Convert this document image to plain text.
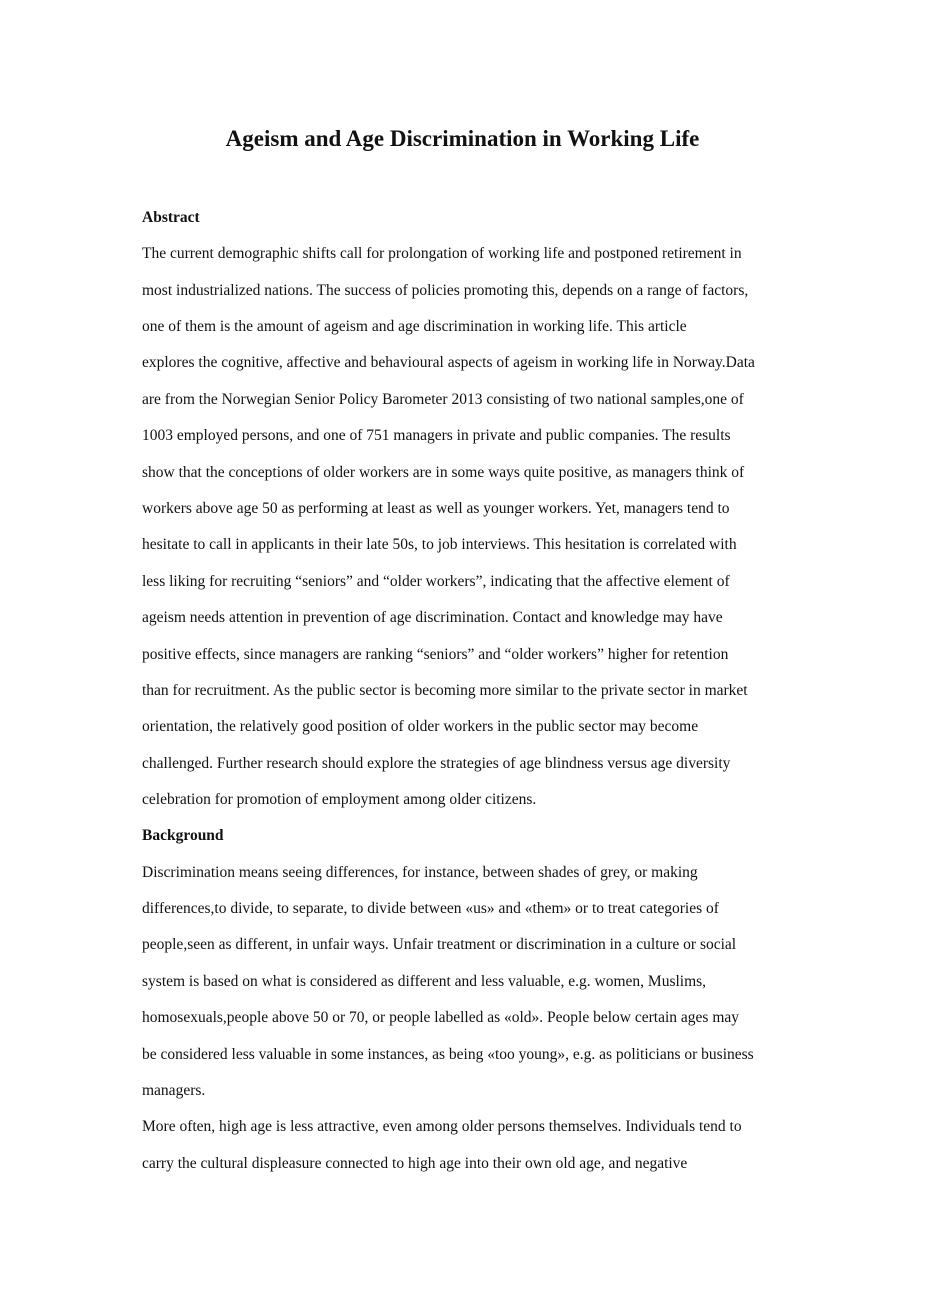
Ageism and Age Discrimination in Working Life
Abstract

The current demographic shifts call for prolongation of working life and postponed retirement in

most industrialized nations. The success of policies promoting this, depends on a range of factors,

one of them is the amount of ageism and age discrimination in working life. This article

explores the cognitive, affective and behavioural aspects of ageism in working life in Norway.Data

are from the Norwegian Senior Policy Barometer 2013 consisting of two national samples,one of

1003 employed persons, and one of 751 managers in private and public companies. The results

show that the conceptions of older workers are in some ways quite positive, as managers think of

workers above age 50 as performing at least as well as younger workers. Yet, managers tend to

hesitate to call in applicants in their late 50s, to job interviews. This hesitation is correlated with

less liking for recruiting “seniors” and “older workers”, indicating that the affective element of

ageism needs attention in prevention of age discrimination. Contact and knowledge may have

positive effects, since managers are ranking “seniors” and “older workers” higher for retention

than for recruitment. As the public sector is becoming more similar to the private sector in market

orientation, the relatively good position of older workers in the public sector may become

challenged. Further research should explore the strategies of age blindness versus age diversity

celebration for promotion of employment among older citizens.

Background

Discrimination means seeing differences, for instance, between shades of grey, or making

differences,to divide, to separate, to divide between «us» and «them» or to treat categories of

people,seen as different, in unfair ways. Unfair treatment or discrimination in a culture or social

system is based on what is considered as different and less valuable, e.g. women, Muslims,

homosexuals,people above 50 or 70, or people labelled as «old». People below certain ages may

be considered less valuable in some instances, as being «too young», e.g. as politicians or business

managers.

More often, high age is less attractive, even among older persons themselves. Individuals tend to

carry the cultural displeasure connected to high age into their own old age, and negative
